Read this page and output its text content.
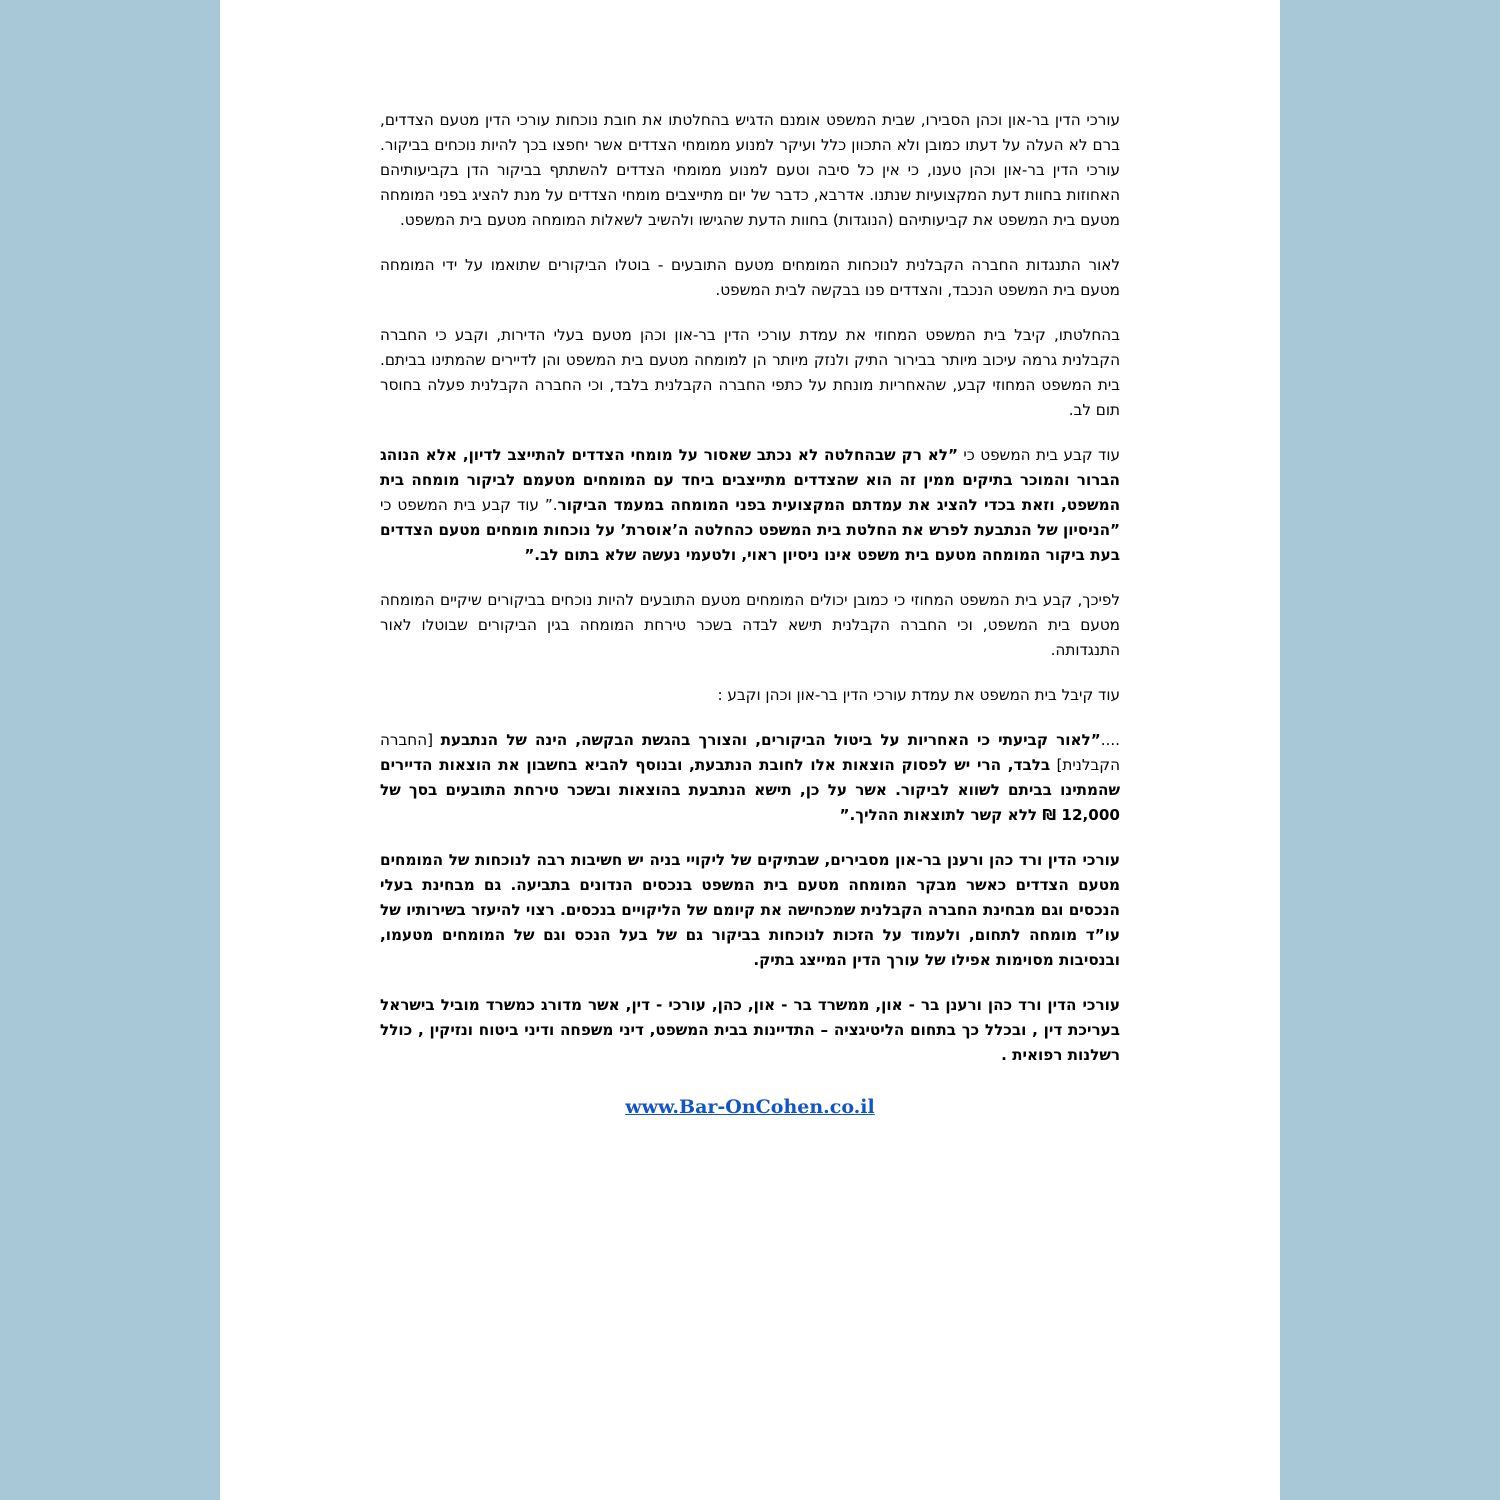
עורכי הדין בר-און וכהן הסבירו, שבית המשפט אומנם הדגיש בהחלטתו את חובת נוכחות עורכי הדין מטעם הצדדים, ברם לא העלה על דעתו כמובן ולא התכוון כלל ועיקר למנוע ממומחי הצדדים אשר יחפצו בכך להיות נוכחים בביקור. עורכי הדין בר-און וכהן טענו, כי אין כל סיבה וטעם למנוע ממומחי הצדדים להשתתף בביקור הדן בקביעותיהם האחוזות בחוות דעת המקצועיות שנתנו. אדרבא, כדבר של יום מתייצבים מומחי הצדדים על מנת להציג בפני המומחה מטעם בית המשפט את קביעותיהם (הנוגדות) בחוות הדעת שהגישו ולהשיב לשאלות המומחה מטעם בית המשפט.

לאור התנגדות החברה הקבלנית לנוכחות המומחים מטעם התובעים - בוטלו הביקורים שתואמו על ידי המומחה מטעם בית המשפט הנכבד, והצדדים פנו בבקשה לבית המשפט.

בהחלטתו, קיבל בית המשפט המחוזי את עמדת עורכי הדין בר-און וכהן מטעם בעלי הדירות, וקבע כי החברה הקבלנית גרמה עיכוב מיותר בבירור התיק ולנזק מיותר הן למומחה מטעם בית המשפט והן לדיירים שהמתינו בביתם. בית המשפט המחוזי קבע, שהאחריות מונחת על כתפי החברה הקבלנית בלבד, וכי החברה הקבלנית פעלה בחוסר תום לב.

עוד קבע בית המשפט כי ”לא רק שבהחלטה לא נכתב שאסור על מומחי הצדדים להתייצב לדיון, אלא הנוהג הברור והמוכר בתיקים ממין זה הוא שהצדדים מתייצבים ביחד עם המומחים מטעמם לביקור מומחה בית המשפט, וזאת בכדי להציג את עמדתם המקצועית בפני המומחה במעמד הביקור.” עוד קבע בית המשפט כי ”הניסיון של הנתבעת לפרש את החלטת בית המשפט כהחלטה ה’אוסרת’ על נוכחות מומחים מטעם הצדדים בעת ביקור המומחה מטעם בית משפט אינו ניסיון ראוי, ולטעמי נעשה שלא בתום לב.”

לפיכך, קבע בית המשפט המחוזי כי כמובן יכולים המומחים מטעם התובעים להיות נוכחים בביקורים שיקיים המומחה מטעם בית המשפט, וכי החברה הקבלנית תישא לבדה בשכר טירחת המומחה בגין הביקורים שבוטלו לאור התנגדותה.

עוד קיבל בית המשפט את עמדת עורכי הדין בר-און וכהן וקבע :

....”לאור קביעתי כי האחריות על ביטול הביקורים, והצורך בהגשת הבקשה, הינה של הנתבעת [החברה הקבלנית] בלבד, הרי יש לפסוק הוצאות אלו לחובת הנתבעת, ובנוסף להביא בחשבון את הוצאות הדיירים שהמתינו בביתם לשווא לביקור. אשר על כן, תישא הנתבעת בהוצאות ובשכר טירחת התובעים בסך של 12,000 ₪ ללא קשר לתוצאות ההליך.”

עורכי הדין ורד כהן ורענן בר-און מסבירים, שבתיקים של ליקויי בניה יש חשיבות רבה לנוכחות של המומחים מטעם הצדדים כאשר מבקר המומחה מטעם בית המשפט בנכסים הנדונים בתביעה. גם מבחינת בעלי הנכסים וגם מבחינת החברה הקבלנית שמכחישה את קיומם של הליקויים בנכסים. רצוי להיעזר בשירותיו של עו”ד מומחה לתחום, ולעמוד על הזכות לנוכחות בביקור גם של בעל הנכס וגם של המומחים מטעמו, ובנסיבות מסוימות אפילו של עורך הדין המייצג בתיק.

עורכי הדין ורד כהן ורענן בר - און, ממשרד בר - און, כהן, עורכי - דין, אשר מדורג כמשרד מוביל בישראל בעריכת דין , ובכלל כך בתחום הליטיגציה – התדיינות בבית המשפט, דיני משפחה ודיני ביטוח ונזיקין , כולל רשלנות רפואית .

www.Bar-OnCohen.co.il
